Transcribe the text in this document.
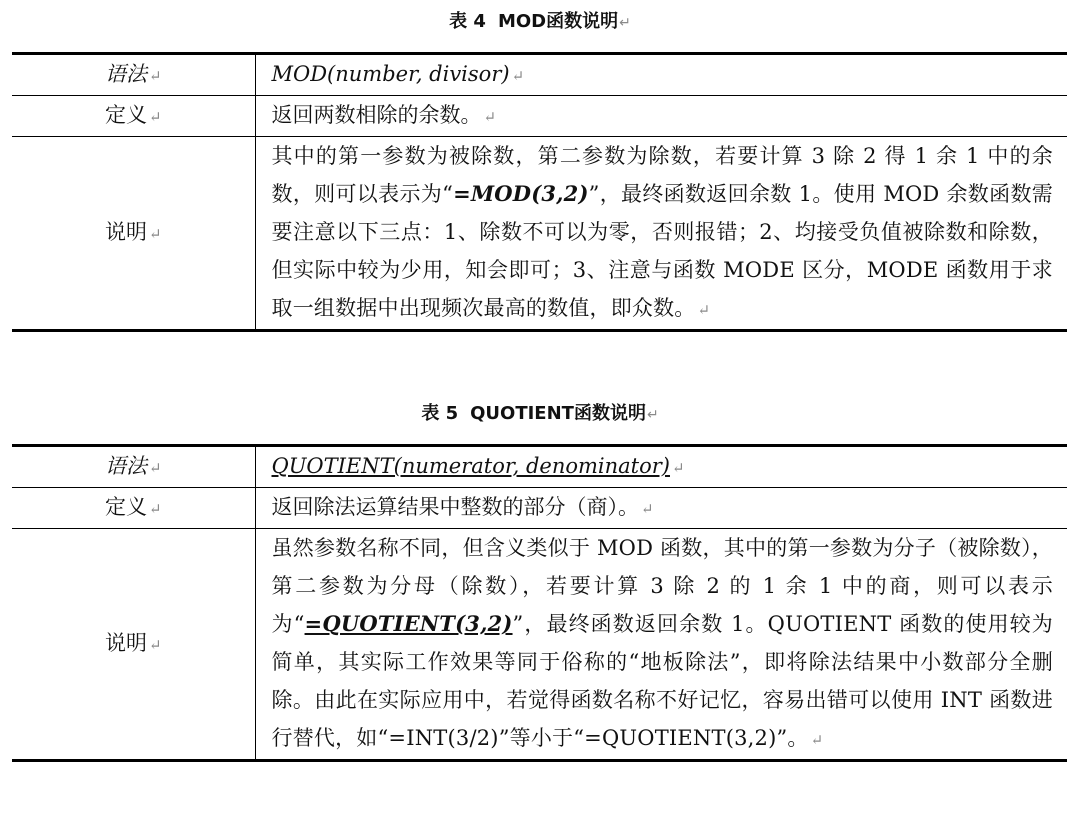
表 4 MOD函数说明↵
语法 ↵	MOD(number, divisor) ↵
定义 ↵	返回两数相除的余数。 ↵
说明 ↵	其中的第一参数为被除数，第二参数为除数，若要计算 3 除 2 得 1 余 1 中的余数，则可以表示为“=MOD(3,2)”，最终函数返回余数 1。使用 MOD 余数函数需要注意以下三点：1、除数不可以为零，否则报错；2、均接受负值被除数和除数，但实际中较为少用，知会即可；3、注意与函数 MODE 区分，MODE 函数用于求取一组数据中出现频次最高的数值，即众数。 ↵
表 5 QUOTIENT函数说明↵
语法 ↵	QUOTIENT(numerator, denominator) ↵
定义 ↵	返回除法运算结果中整数的部分（商）。 ↵
说明 ↵	虽然参数名称不同，但含义类似于 MOD 函数，其中的第一参数为分子（被除数），第二参数为分母（除数），若要计算 3 除 2 的 1 余 1 中的商，则可以表示为“=QUOTIENT(3,2)”，最终函数返回余数 1。QUOTIENT 函数的使用较为简单，其实际工作效果等同于俗称的“地板除法”，即将除法结果中小数部分全删除。由此在实际应用中，若觉得函数名称不好记忆，容易出错可以使用 INT 函数进行替代，如“=INT(3/2)”等小于“=QUOTIENT(3,2)”。 ↵
